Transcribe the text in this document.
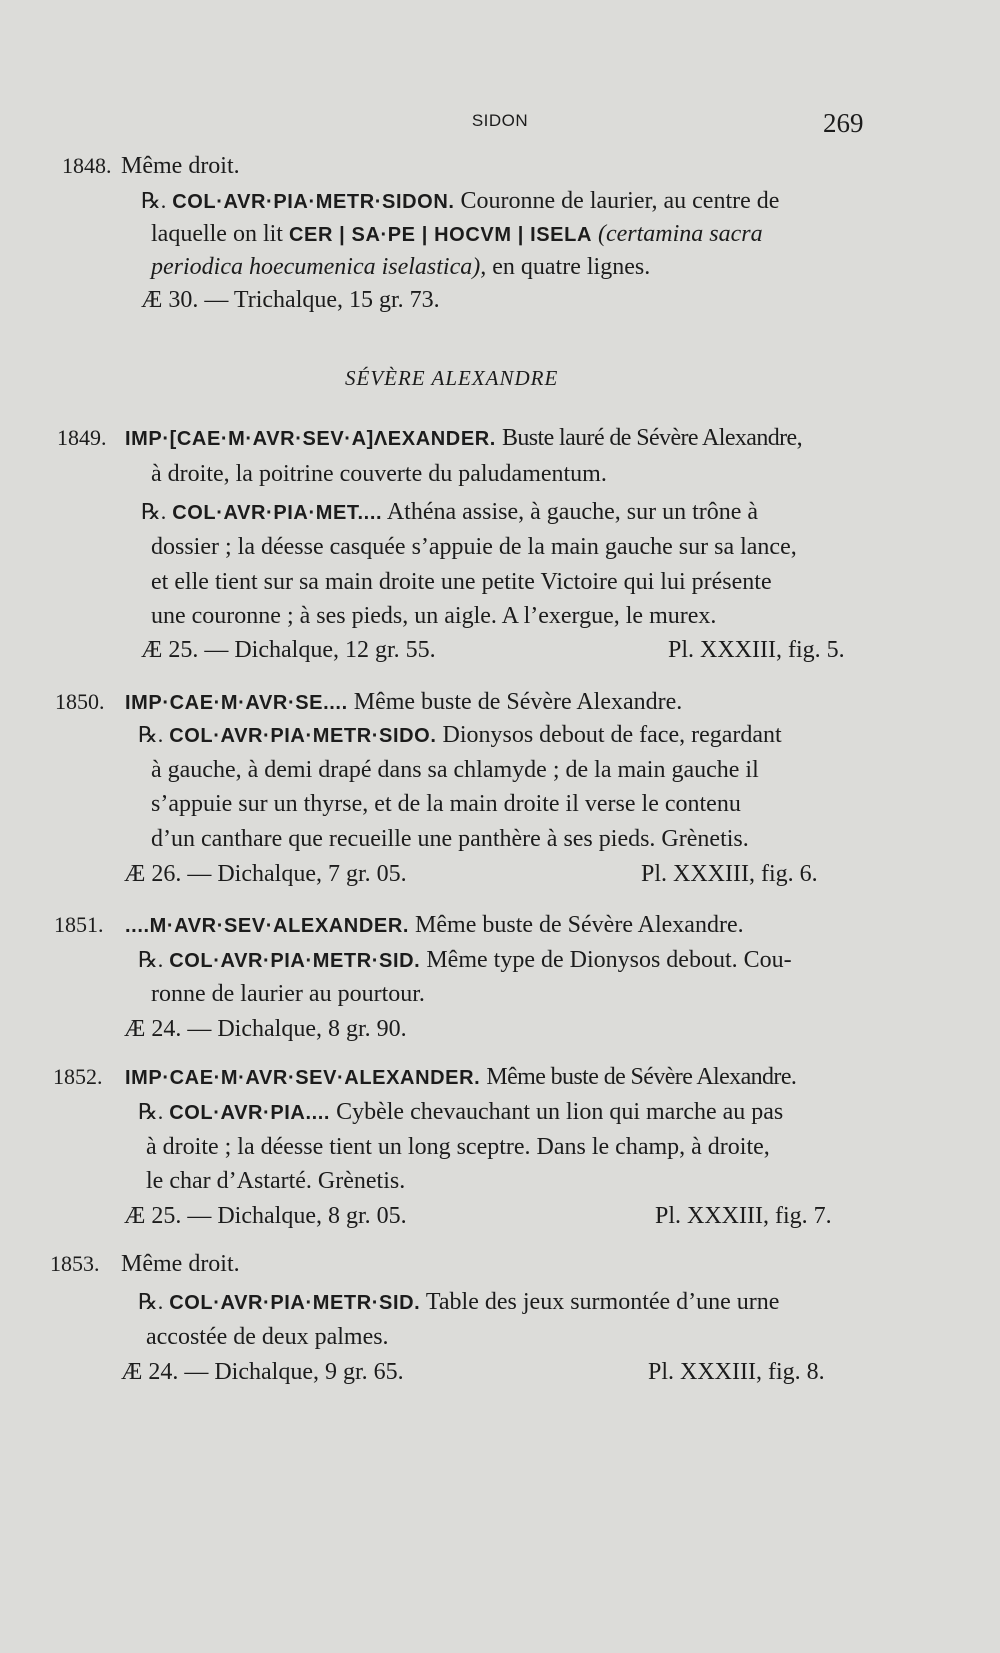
SIDON	269
1848. Même droit.
℞. COL·AVR·PIA·METR·SIDON. Couronne de laurier, au centre de
laquelle on lit CER | SA·PE | HOCVM | ISELA (certamina sacra
periodica hoecumenica iselastica), en quatre lignes.
Æ 30. — Trichalque, 15 gr. 73.
SÉVÈRE ALEXANDRE
1849. IMP·[CAE·M·AVR·SEV·A]ΛEXANDER. Buste lauré de Sévère Alexandre,
à droite, la poitrine couverte du paludamentum.
℞. COL·AVR·PIA·MET.... Athéna assise, à gauche, sur un trône à
dossier ; la déesse casquée s’appuie de la main gauche sur sa lance,
et elle tient sur sa main droite une petite Victoire qui lui présente
une couronne ; à ses pieds, un aigle. A l’exergue, le murex.
Æ 25. — Dichalque, 12 gr. 55.	Pl. XXXIII, fig. 5.
1850. IMP·CAE·M·AVR·SE.... Même buste de Sévère Alexandre.
℞. COL·AVR·PIA·METR·SIDO. Dionysos debout de face, regardant
à gauche, à demi drapé dans sa chlamyde ; de la main gauche il
s’appuie sur un thyrse, et de la main droite il verse le contenu
d’un canthare que recueille une panthère à ses pieds. Grènetis.
Æ 26. — Dichalque, 7 gr. 05.	Pl. XXXIII, fig. 6.
1851. ....M·AVR·SEV·ALEXANDER. Même buste de Sévère Alexandre.
℞. COL·AVR·PIA·METR·SID. Même type de Dionysos debout. Cou-
ronne de laurier au pourtour.
Æ 24. — Dichalque, 8 gr. 90.
1852. IMP·CAE·M·AVR·SEV·ALEXANDER. Même buste de Sévère Alexandre.
℞. COL·AVR·PIA.... Cybèle chevauchant un lion qui marche au pas
à droite ; la déesse tient un long sceptre. Dans le champ, à droite,
le char d’Astarté. Grènetis.
Æ 25. — Dichalque, 8 gr. 05.	Pl. XXXIII, fig. 7.
1853. Même droit.
℞. COL·AVR·PIA·METR·SID. Table des jeux surmontée d’une urne
accostée de deux palmes.
Æ 24. — Dichalque, 9 gr. 65.	Pl. XXXIII, fig. 8.
